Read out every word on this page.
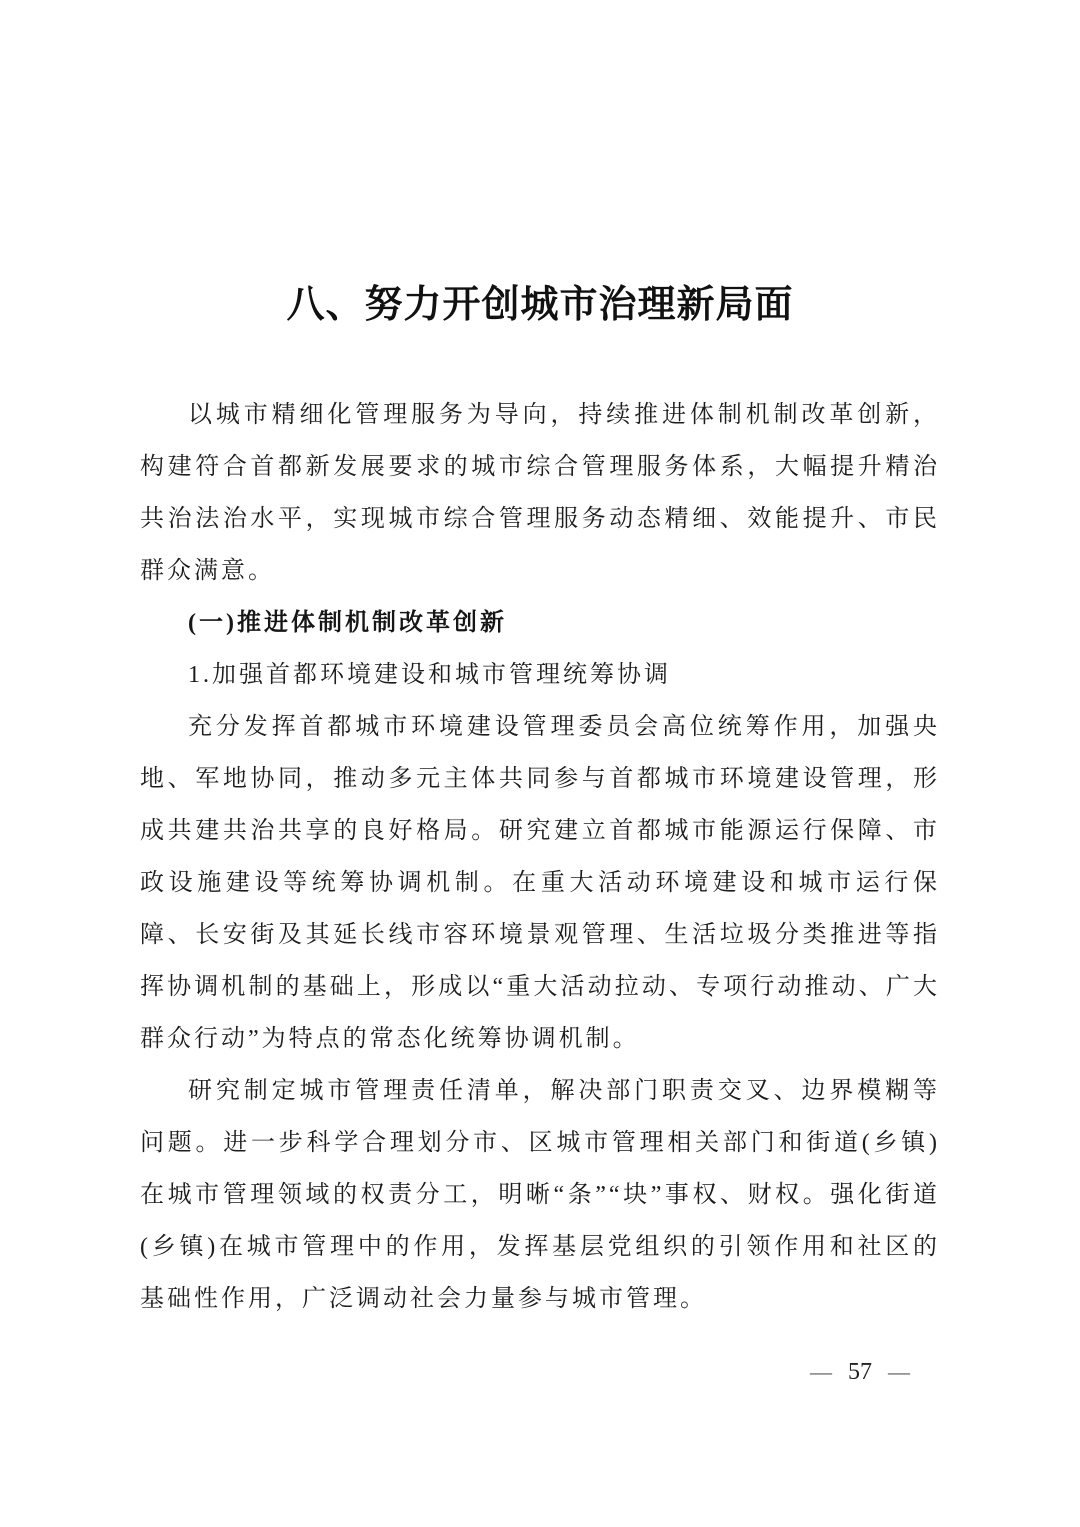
八、努力开创城市治理新局面

以城市精细化管理服务为导向，持续推进体制机制改革创新，构建符合首都新发展要求的城市综合管理服务体系，大幅提升精治共治法治水平，实现城市综合管理服务动态精细、效能提升、市民群众满意。

(一)推进体制机制改革创新

1.加强首都环境建设和城市管理统筹协调

充分发挥首都城市环境建设管理委员会高位统筹作用，加强央地、军地协同，推动多元主体共同参与首都城市环境建设管理，形成共建共治共享的良好格局。研究建立首都城市能源运行保障、市政设施建设等统筹协调机制。在重大活动环境建设和城市运行保障、长安街及其延长线市容环境景观管理、生活垃圾分类推进等指挥协调机制的基础上，形成以“重大活动拉动、专项行动推动、广大群众行动”为特点的常态化统筹协调机制。

研究制定城市管理责任清单，解决部门职责交叉、边界模糊等问题。进一步科学合理划分市、区城市管理相关部门和街道(乡镇)在城市管理领域的权责分工，明晰“条”“块”事权、财权。强化街道(乡镇)在城市管理中的作用，发挥基层党组织的引领作用和社区的基础性作用，广泛调动社会力量参与城市管理。

— 57 —
